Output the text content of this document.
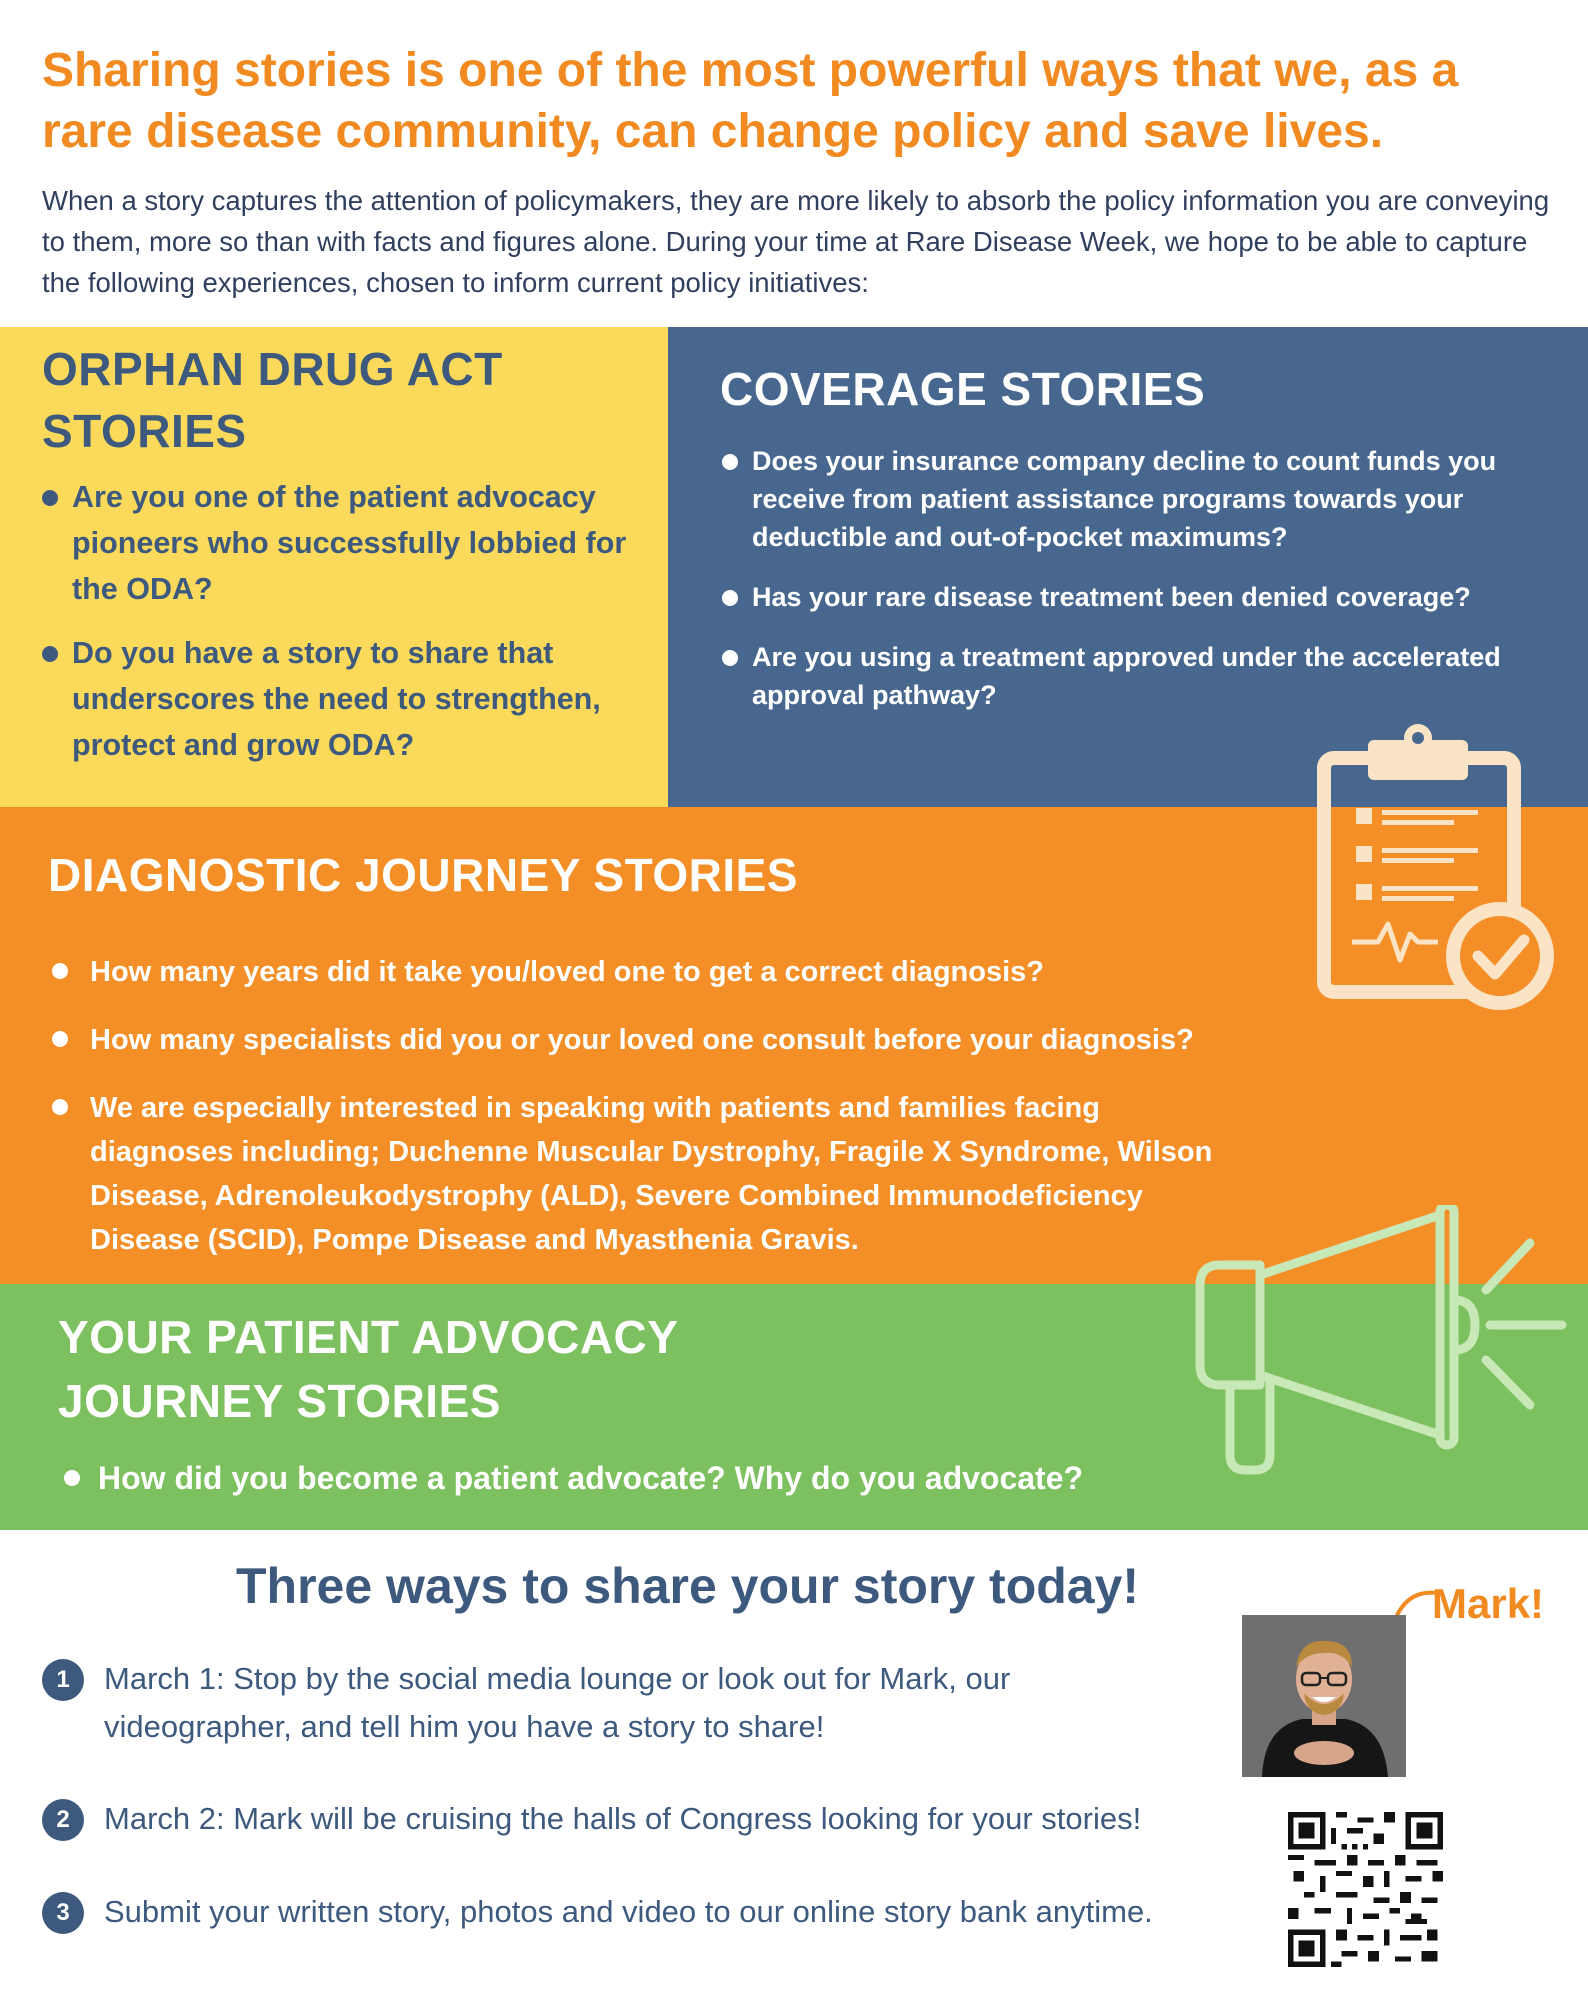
Sharing stories is one of the most powerful ways that we, as a rare disease community, can change policy and save lives.

When a story captures the attention of policymakers, they are more likely to absorb the policy information you are conveying to them, more so than with facts and figures alone. During your time at Rare Disease Week, we hope to be able to capture the following experiences, chosen to inform current policy initiatives:

ORPHAN DRUG ACT STORIES
Are you one of the patient advocacy pioneers who successfully lobbied for the ODA?
Do you have a story to share that underscores the need to strengthen, protect and grow ODA?
COVERAGE STORIES
Does your insurance company decline to count funds you receive from patient assistance programs towards your deductible and out-of-pocket maximums?
Has your rare disease treatment been denied coverage?
Are you using a treatment approved under the accelerated approval pathway?
DIAGNOSTIC JOURNEY STORIES
How many years did it take you/loved one to get a correct diagnosis?
How many specialists did you or your loved one consult before your diagnosis?
We are especially interested in speaking with patients and families facing diagnoses including; Duchenne Muscular Dystrophy, Fragile X Syndrome, Wilson Disease, Adrenoleukodystrophy (ALD), Severe Combined Immunodeficiency Disease (SCID), Pompe Disease and Myasthenia Gravis.
YOUR PATIENT ADVOCACY JOURNEY STORIES
How did you become a patient advocate? Why do you advocate?
Three ways to share your story today!
1	March 1: Stop by the social media lounge or look out for Mark, our videographer, and tell him you have a story to share!
2	March 2: Mark will be cruising the halls of Congress looking for your stories!
3	Submit your written story, photos and video to our online story bank anytime.
Mark!
